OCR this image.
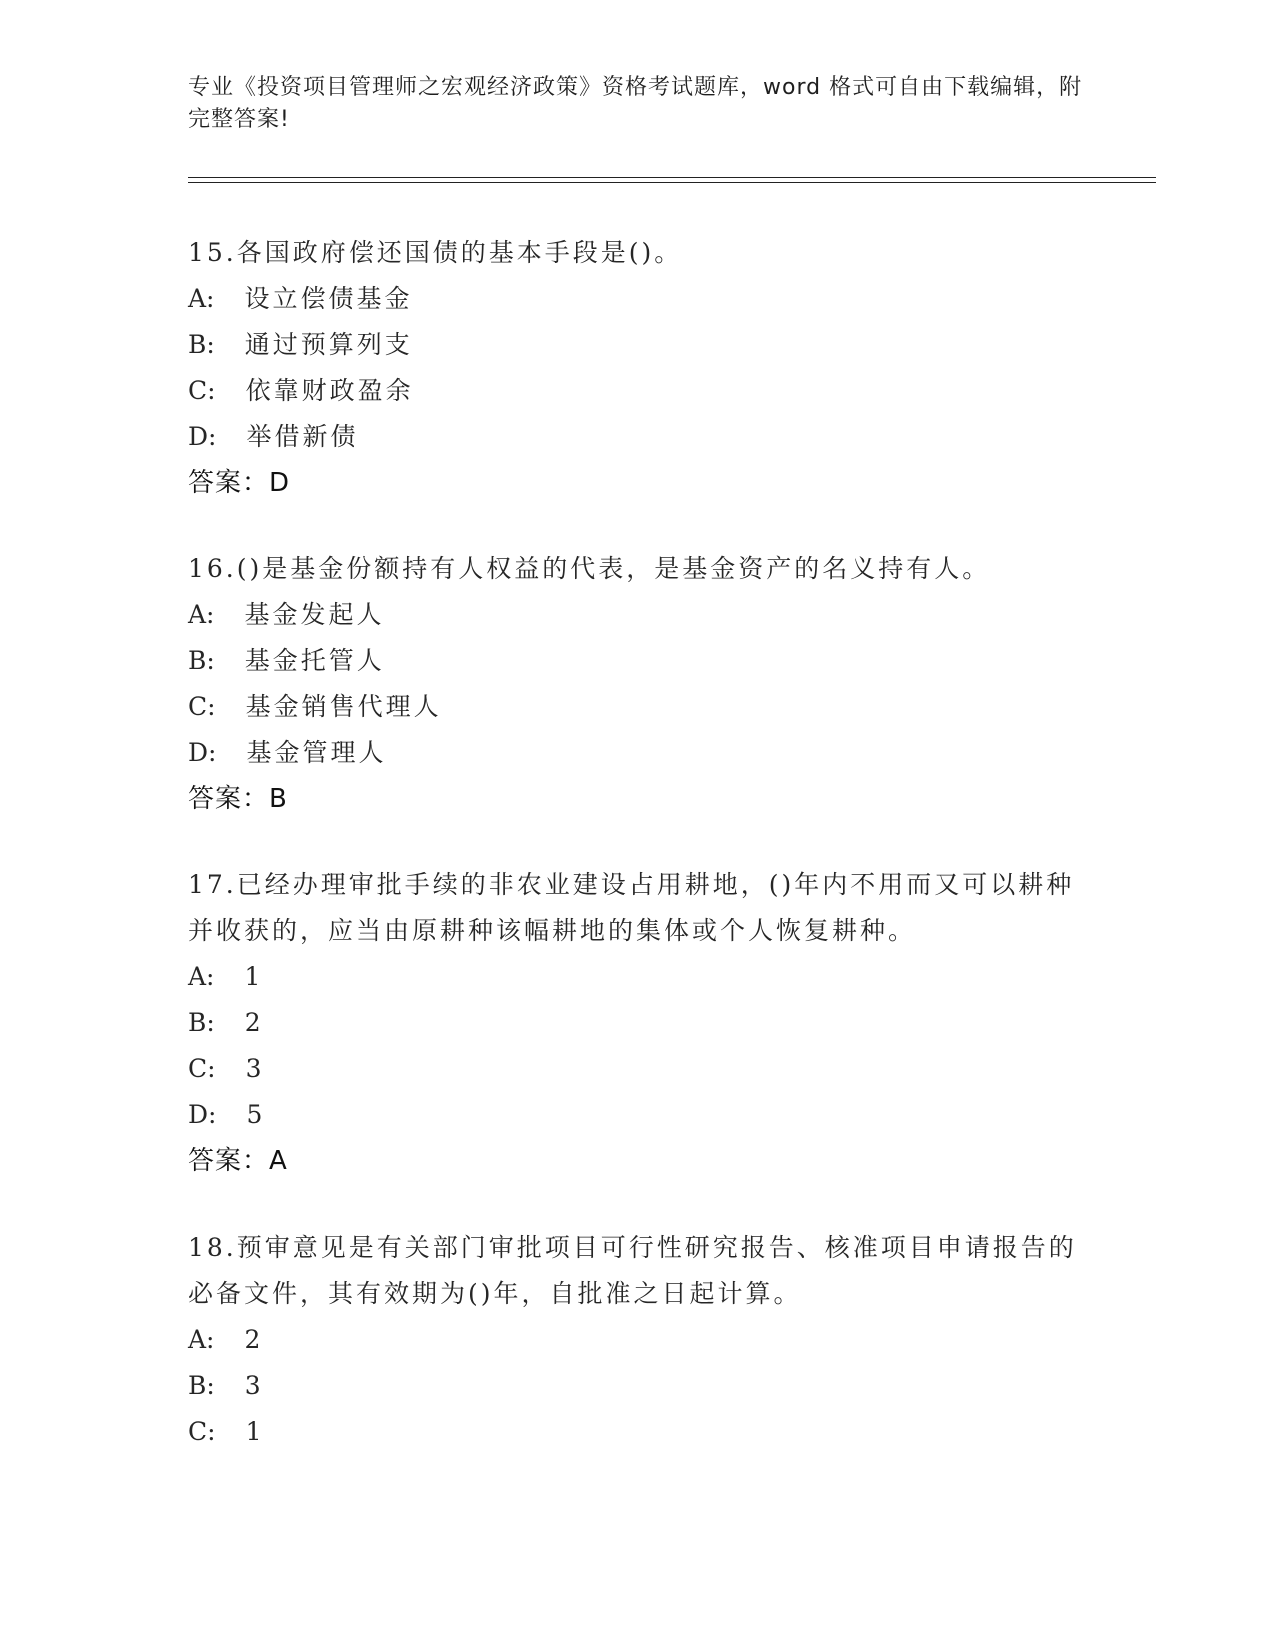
专业《投资项目管理师之宏观经济政策》资格考试题库，word 格式可自由下载编辑，附完整答案!
15.各国政府偿还国债的基本手段是()。
A: 设立偿债基金
B: 通过预算列支
C: 依靠财政盈余
D: 举借新债
答案：D
16.()是基金份额持有人权益的代表，是基金资产的名义持有人。
A: 基金发起人
B: 基金托管人
C: 基金销售代理人
D: 基金管理人
答案：B
17.已经办理审批手续的非农业建设占用耕地，()年内不用而又可以耕种并收获的，应当由原耕种该幅耕地的集体或个人恢复耕种。
A: 1
B: 2
C: 3
D: 5
答案：A
18.预审意见是有关部门审批项目可行性研究报告、核准项目申请报告的必备文件，其有效期为()年，自批准之日起计算。
A: 2
B: 3
C: 1
